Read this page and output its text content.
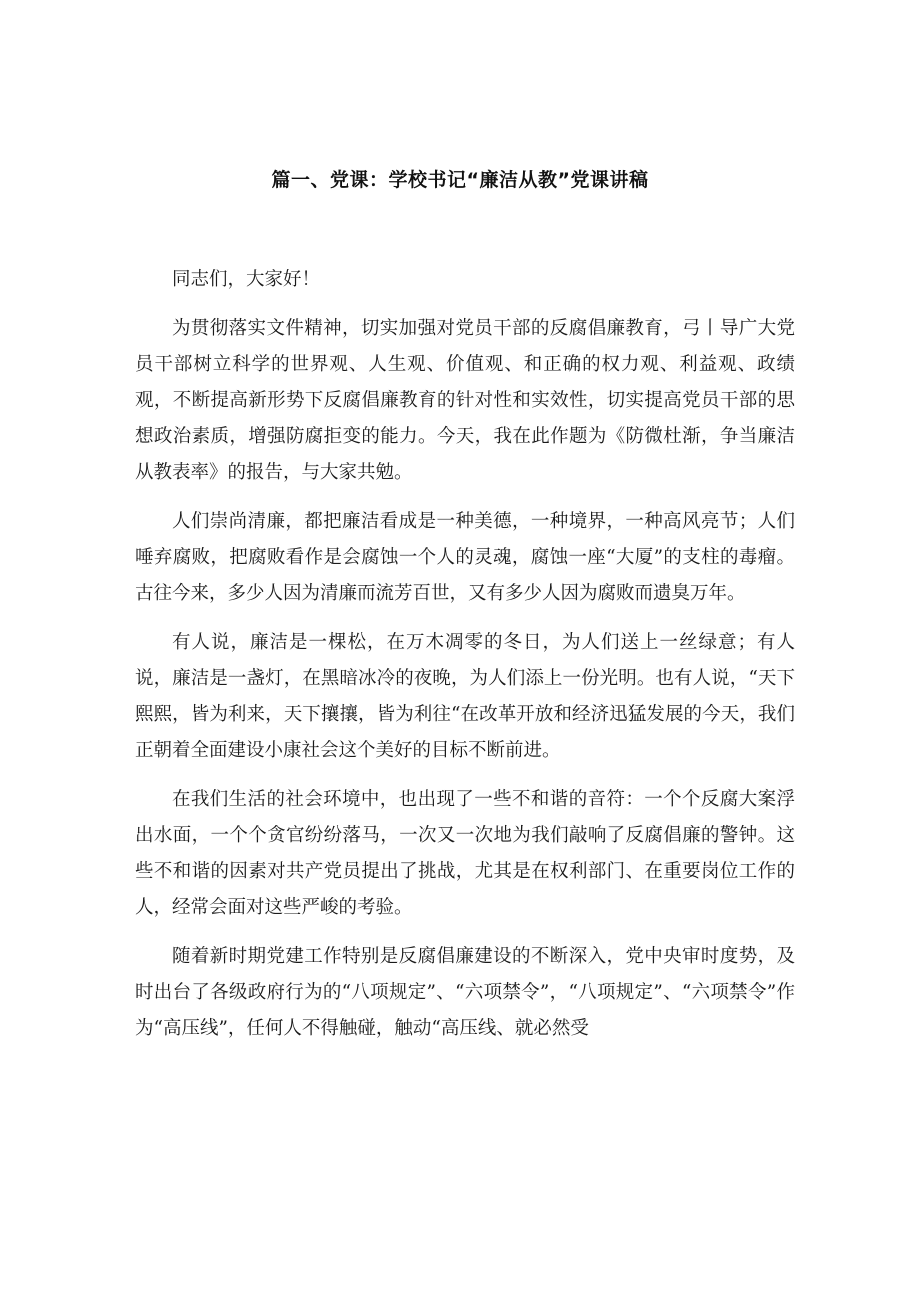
篇一、党课：学校书记“廉洁从教”党课讲稿

同志们，大家好！

为贯彻落实文件精神，切实加强对党员干部的反腐倡廉教育，弓丨导广大党员干部树立科学的世界观、人生观、价值观、和正确的权力观、利益观、政绩观，不断提高新形势下反腐倡廉教育的针对性和实效性，切实提高党员干部的思想政治素质，增强防腐拒变的能力。今天，我在此作题为《防微杜渐，争当廉洁从教表率》的报告，与大家共勉。

人们崇尚清廉，都把廉洁看成是一种美德，一种境界，一种高风亮节；人们唾弃腐败，把腐败看作是会腐蚀一个人的灵魂，腐蚀一座“大厦”的支柱的毒瘤。古往今来，多少人因为清廉而流芳百世，又有多少人因为腐败而遗臭万年。

有人说，廉洁是一棵松，在万木凋零的冬日，为人们送上一丝绿意；有人说，廉洁是一盏灯，在黑暗冰冷的夜晚，为人们添上一份光明。也有人说，“天下熙熙，皆为利来，天下攘攘，皆为利往“在改革开放和经济迅猛发展的今天，我们正朝着全面建设小康社会这个美好的目标不断前进。

在我们生活的社会环境中，也出现了一些不和谐的音符：一个个反腐大案浮出水面，一个个贪官纷纷落马，一次又一次地为我们敲响了反腐倡廉的警钟。这些不和谐的因素对共产党员提出了挑战，尤其是在权利部门、在重要岗位工作的人，经常会面对这些严峻的考验。

随着新时期党建工作特别是反腐倡廉建设的不断深入，党中央审时度势，及时出台了各级政府行为的“八项规定”、“六项禁令”，“八项规定”、“六项禁令”作为“高压线”，任何人不得触碰，触动“高压线、就必然受
